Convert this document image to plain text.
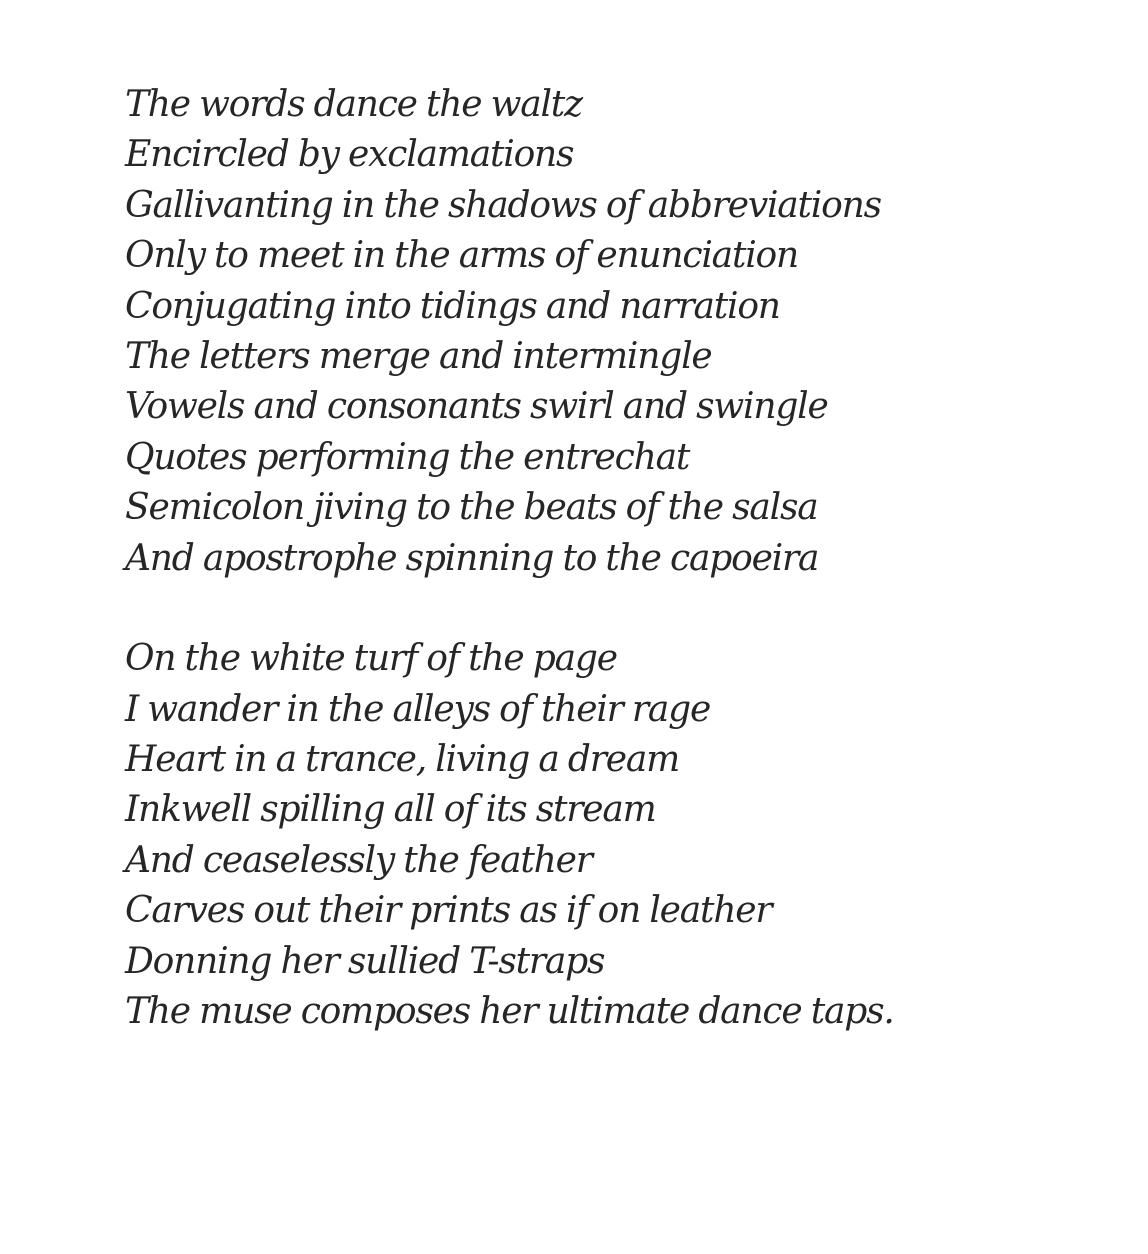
The words dance the waltz
Encircled by exclamations
Gallivanting in the shadows of abbreviations
Only to meet in the arms of enunciation
Conjugating into tidings and narration
The letters merge and intermingle
Vowels and consonants swirl and swingle
Quotes performing the entrechat
Semicolon jiving to the beats of the salsa
And apostrophe spinning to the capoeira
On the white turf of the page
I wander in the alleys of their rage
Heart in a trance, living a dream
Inkwell spilling all of its stream
And ceaselessly the feather
Carves out their prints as if on leather
Donning her sullied T-straps
The muse composes her ultimate dance taps.
